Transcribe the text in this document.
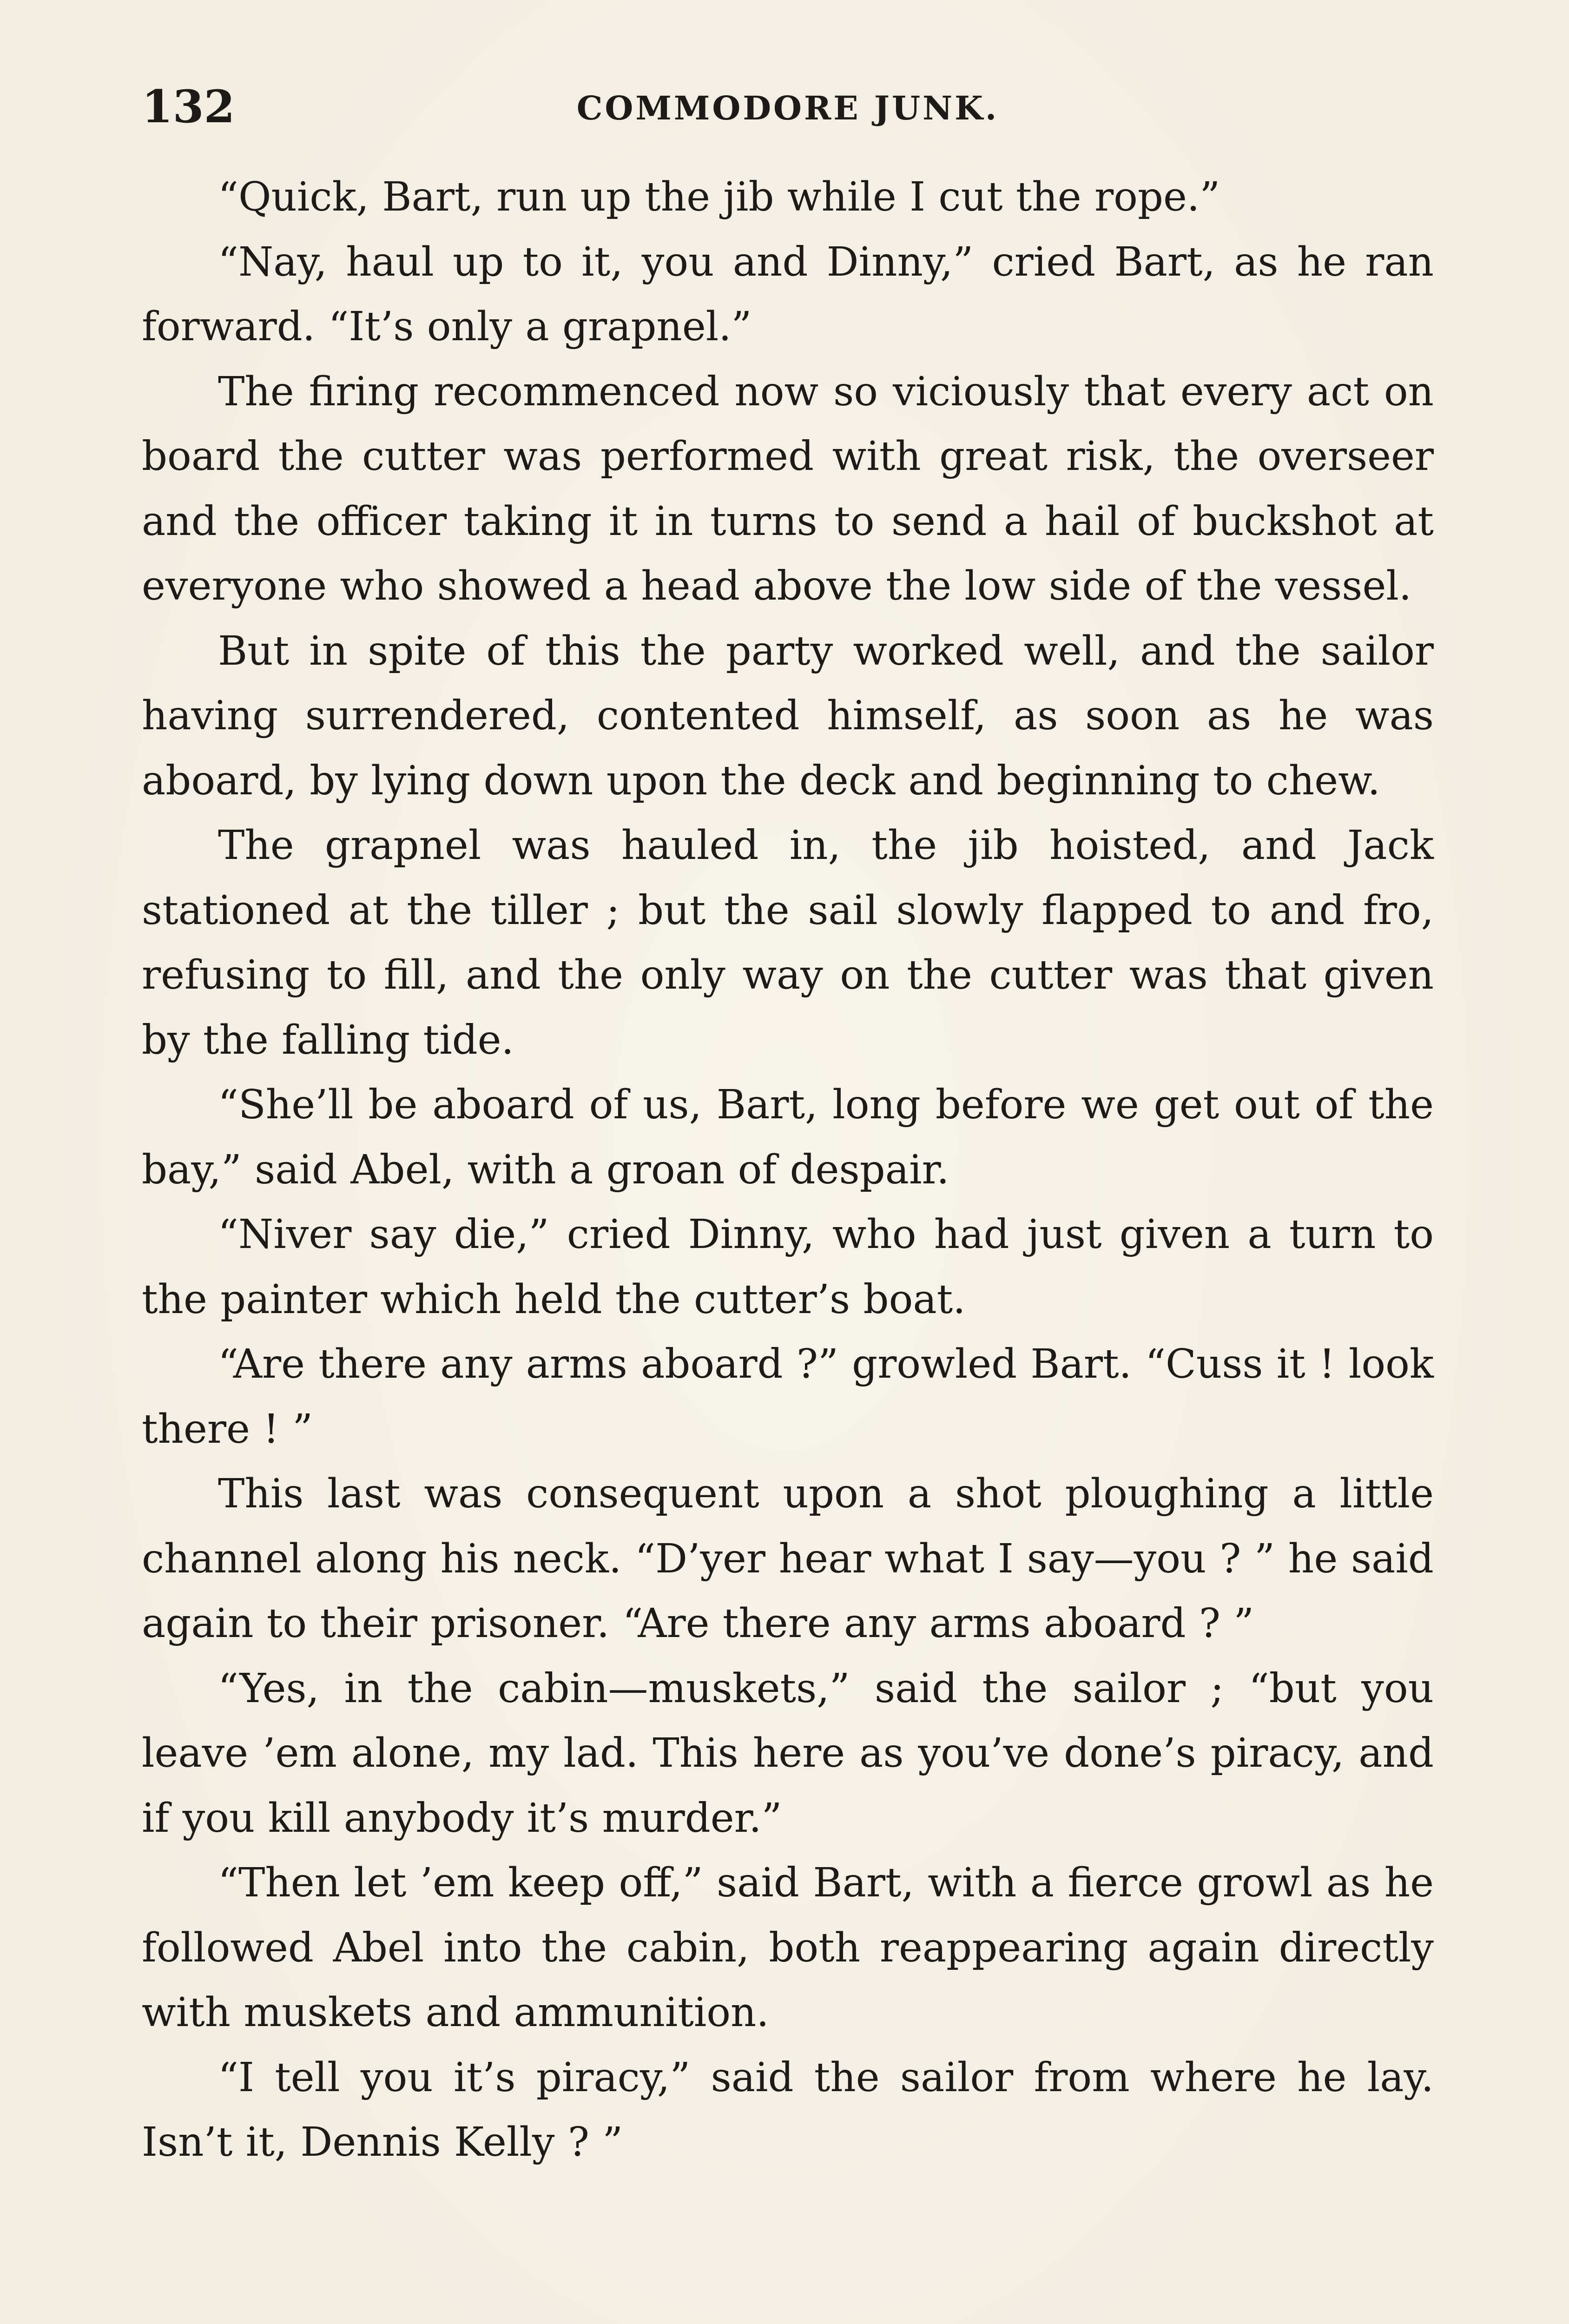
132	COMMODORE JUNK.

“Quick, Bart, run up the jib while I cut the rope.”

“Nay, haul up to it, you and Dinny,” cried Bart, as he ran forward. “It’s only a grapnel.”

The firing recommenced now so viciously that every act on board the cutter was performed with great risk, the overseer and the officer taking it in turns to send a hail of buckshot at everyone who showed a head above the low side of the vessel.

But in spite of this the party worked well, and the sailor having surrendered, contented himself, as soon as he was aboard, by lying down upon the deck and beginning to chew.

The grapnel was hauled in, the jib hoisted, and Jack stationed at the tiller ; but the sail slowly flapped to and fro, refusing to fill, and the only way on the cutter was that given by the falling tide.

“She’ll be aboard of us, Bart, long before we get out of the bay,” said Abel, with a groan of despair.

“Niver say die,” cried Dinny, who had just given a turn to the painter which held the cutter’s boat.

“Are there any arms aboard ?” growled Bart. “Cuss it ! look there ! ”

This last was consequent upon a shot ploughing a little channel along his neck. “D’yer hear what I say—you ? ” he said again to their prisoner. “Are there any arms aboard ? ”

“Yes, in the cabin—muskets,” said the sailor ; “but you leave ’em alone, my lad. This here as you’ve done’s piracy, and if you kill anybody it’s murder.”

“Then let ’em keep off,” said Bart, with a fierce growl as he followed Abel into the cabin, both reappearing again directly with muskets and ammunition.

“I tell you it’s piracy,” said the sailor from where he lay. Isn’t it, Dennis Kelly ? ”
